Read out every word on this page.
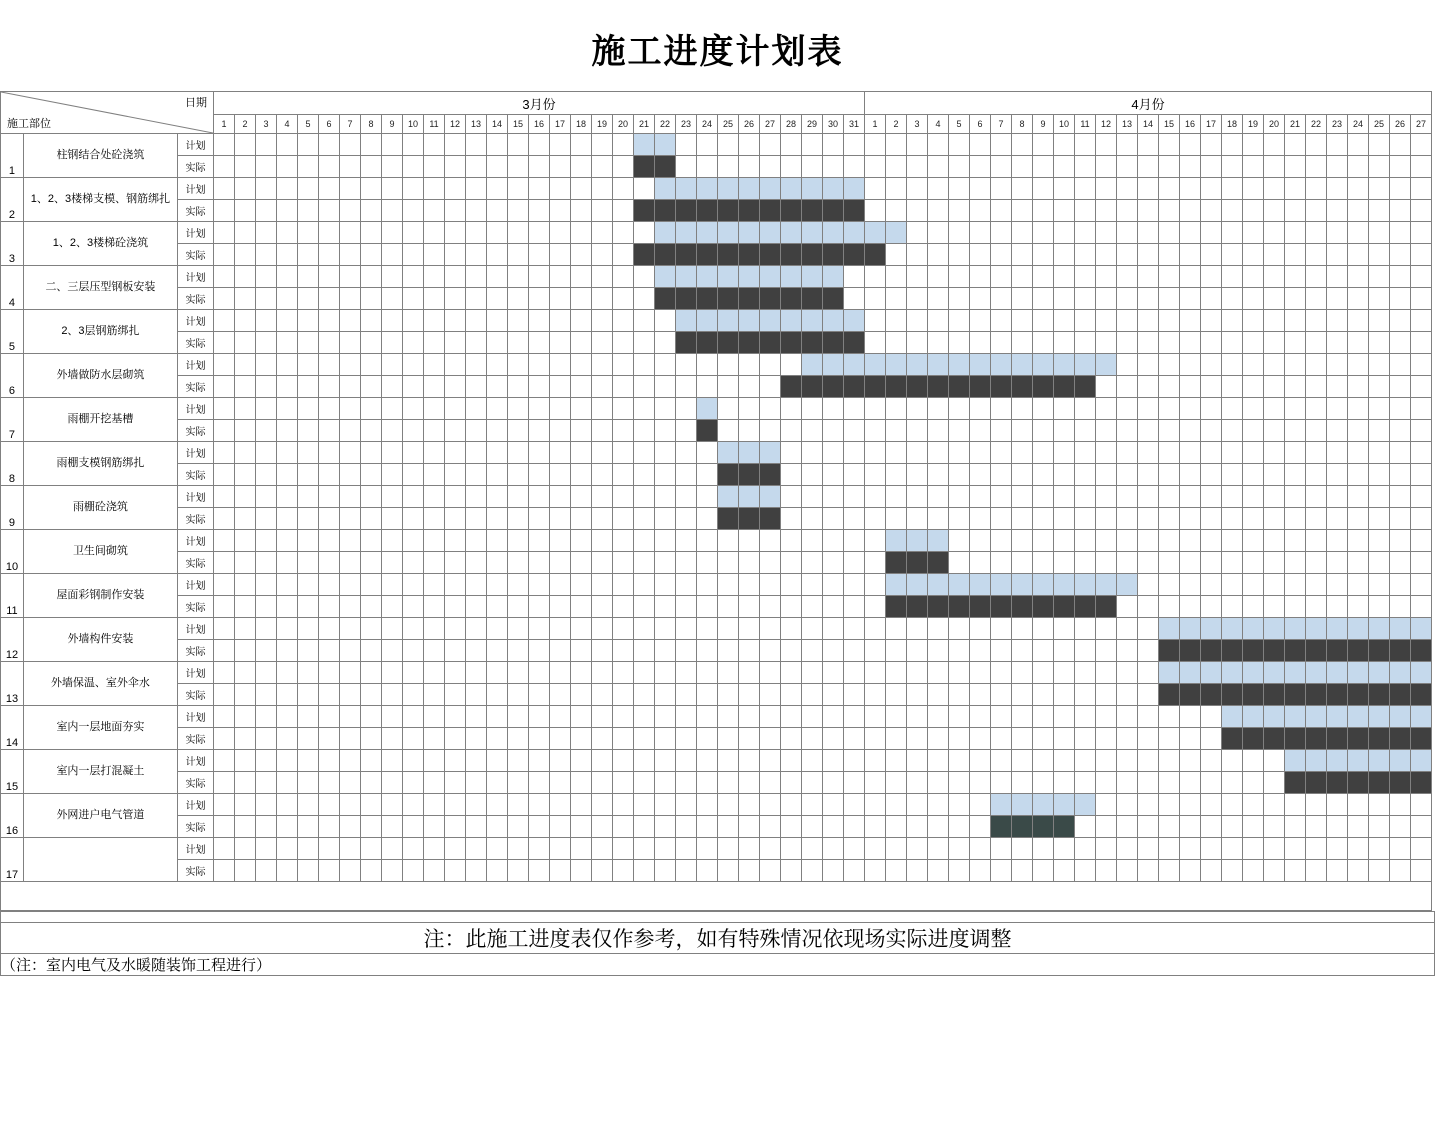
施工进度计划表
日期
施工部位			3月份																															4月份																										
			1	2	3	4	5	6	7	8	9	10	11	12	13	14	15	16	17	18	19	20	21	22	23	24	25	26	27	28	29	30	31	1	2	3	4	5	6	7	8	9	10	11	12	13	14	15	16	17	18	19	20	21	22	23	24	25	26	27
1	柱钢结合处砼浇筑	计划																																																										
		实际																																																										
2	1、2、3楼梯支模、钢筋绑扎	计划																																																										
		实际																																																										
3	1、2、3楼梯砼浇筑	计划																																																										
		实际																																																										
4	二、三层压型钢板安装	计划																																																										
		实际																																																										
5	2、3层钢筋绑扎	计划																																																										
		实际																																																										
6	外墙做防水层砌筑	计划																																																										
		实际																																																										
7	雨棚开挖基槽	计划																																																										
		实际																																																										
8	雨棚支模钢筋绑扎	计划																																																										
		实际																																																										
9	雨棚砼浇筑	计划																																																										
		实际																																																										
10	卫生间砌筑	计划																																																										
		实际																																																										
11	屋面彩钢制作安装	计划																																																										
		实际																																																										
12	外墙构件安装	计划																																																										
		实际																																																										
13	外墙保温、室外伞水	计划																																																										
		实际																																																										
14	室内一层地面夯实	计划																																																										
		实际																																																										
15	室内一层打混凝土	计划																																																										
		实际																																																										
16	外网进户电气管道	计划																																																										
		实际																																																										
17		计划																																																										
		实际																																																										

注：此施工进度表仅作参考，如有特殊情况依现场实际进度调整
（注：室内电气及水暖随装饰工程进行）
